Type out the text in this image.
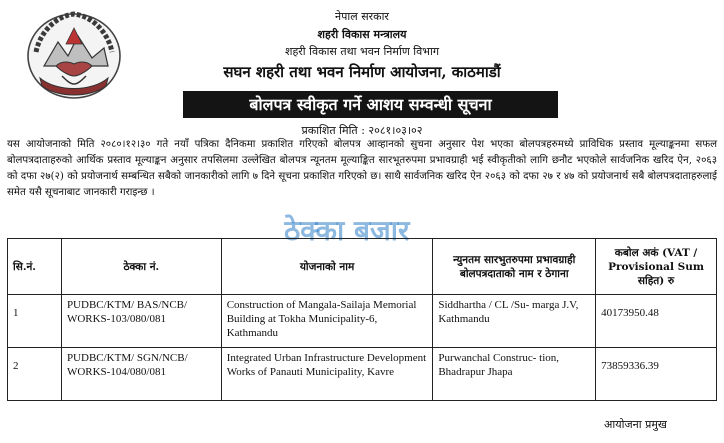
नेपाल सरकार
शहरी विकास मन्त्रालय
शहरी विकास तथा भवन निर्माण विभाग
सघन शहरी तथा भवन निर्माण आयोजना, काठमाडौं
बोलपत्र स्वीकृत गर्ने आशय सम्वन्धी सूचना
प्रकाशित मिति : २०८१।०३।०२
यस आयोजनाको मिति २०८०।१२।३० गते नयाँ पत्रिका दैनिकमा प्रकाशित गरिएको बोलपत्र आव्हानको सुचना अनुसार पेश भएका बोलपत्रहरुमध्ये प्राविधिक प्रस्ताव मूल्याङ्कनमा सफल बोलपत्रदाताहरुको आर्थिक प्रस्ताव मूल्याङ्कन अनुसार तपसिलमा उल्लेखित बोलपत्र न्यूनतम मूल्याङ्कित सारभूतरुपमा प्रभावग्राही भई स्वीकृतीको लागि छनौट भएकोले सार्वजनिक खरिद ऐन, २०६३ को दफा २७(२) को प्रयोजनार्थ सम्बन्धित सबैको जानकारीको लागि ७ दिने सूचना प्रकाशित गरिएको छ। साथै सार्वजनिक खरिद ऐन २०६३ को दफा २७ र ४७ को प्रयोजनार्थ सबै बोलपत्रदाताहरुलाई समेत यसै सूचनाबाट जानकारी गराइन्छ ।
ठेक्का बजार
सि.नं.	ठेक्का नं.	योजनाको नाम	न्युनतम सारभुतरुपमा प्रभावग्राही बोलपत्रदाताको नाम र ठेगाना	कबोल अकं (VAT / Provisional Sum सहित) रु

1	PUDBC/KTM/ BAS/NCB/ WORKS-103/080/081	Construction of Mangala-Sailaja Memorial Building at Tokha Municipality-6, Kathmandu	Siddhartha / CL /Su- marga J.V, Kathmandu	40173950.48

2	PUDBC/KTM/ SGN/NCB/ WORKS-104/080/081	Integrated Urban Infrastructure Development Works of Panauti Municipality, Kavre	Purwanchal Construc- tion, Bhadrapur Jhapa	73859336.39
आयोजना प्रमुख
